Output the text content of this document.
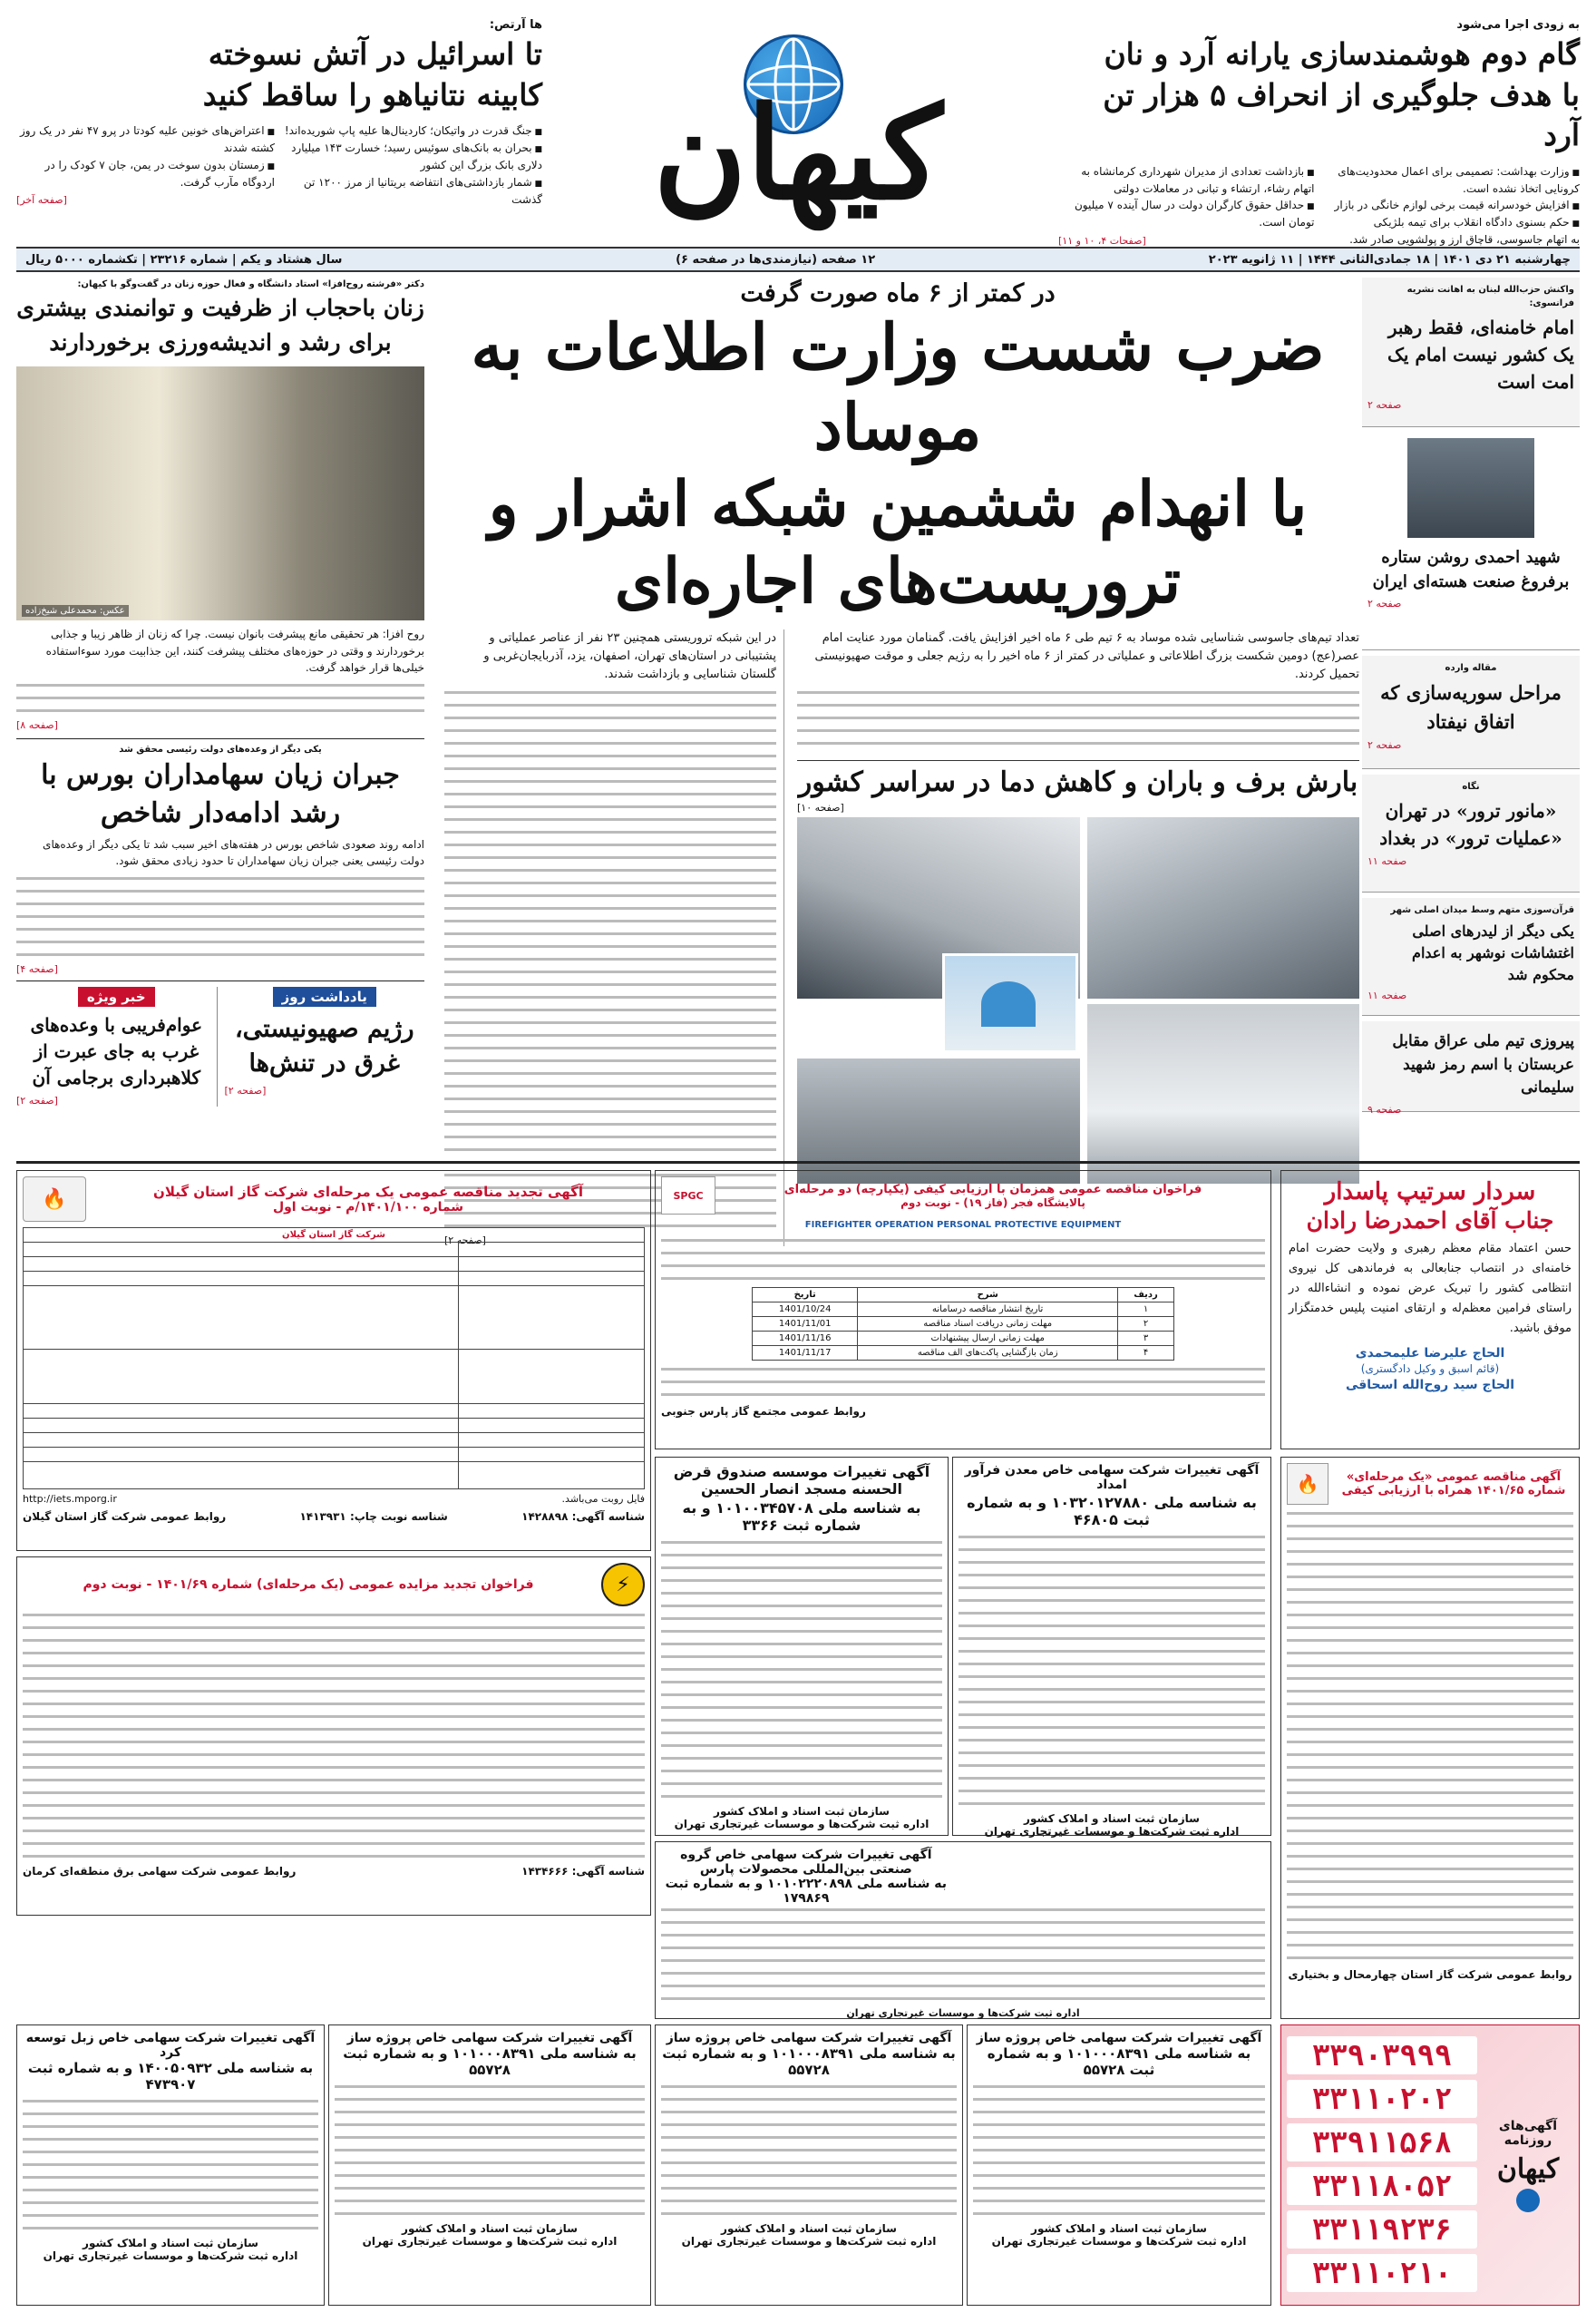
به زودی اجرا می‌شود
گام دوم هوشمندسازی یارانه آرد و نان
با هدف جلوگیری از انحراف ۵ هزار تن آرد
■ وزارت بهداشت: تصمیمی برای اعمال محدودیت‌های کرونایی اتخاذ نشده است.
■ افزایش خودسرانه قیمت برخی لوازم خانگی در بازار
■ حکم بسنوی دادگاه انقلاب برای تیمه بلژیکی
به اتهام جاسوسی، قاچاق ارز و پولشویی صادر شد.
■ بازداشت تعدادی از مدیران شهرداری کرمانشاه به اتهام رشاء، ارتشاء و تبانی در معاملات دولتی
■ حداقل حقوق کارگران دولت در سال آینده ۷ میلیون تومان است.
[صفحات ۴، ۱۰ و ۱۱]
کیهان
ها آرتص:
تا اسرائیل در آتش نسوخته
کابینه نتانیاهو را ساقط کنید
■ جنگ قدرت در واتیکان؛ کاردینال‌ها علیه پاپ شوریده‌اند!
■ بحران به بانک‌های سوئیس رسید؛ خسارت ۱۴۳ میلیارد دلاری بانک بزرگ این کشور
■ شمار بازداشتی‌های انتفاضه بریتانیا از مرز ۱۲۰۰ تن گذشت
■ اعتراض‌های خونین علیه کودتا در پرو ۴۷ نفر در یک روز کشته شدند
■ زمستان بدون سوخت در یمن، جان ۷ کودک را در اردوگاه مآرب گرفت.
[صفحه آخر]
چهارشنبه ۲۱ دی ۱۴۰۱ | ۱۸ جمادی‌الثانی ۱۴۴۴ | ۱۱ ژانویه ۲۰۲۳
۱۲ صفحه (نیازمندی‌ها در صفحه ۶)
سال هشتاد و یکم | شماره ۲۳۲۱۶ | تکشماره ۵۰۰۰ ریال
واکنش حزب‌الله لبنان به اهانت نشریه فرانسوی:
امام خامنه‌ای، فقط رهبر یک کشور نیست امام یک امت است
صفحه ۲
شهید احمدی روشن ستاره برفروغ صنعت هسته‌ای ایران
صفحه ۲
مقاله وارده
مراحل سوریه‌سازی که اتفاق نیفتاد
صفحه ۲
نگاه
«مانور ترور» در تهران «عملیات ترور» در بغداد
صفحه ۱۱
قرآن‌سوزی متهم وسط میدان اصلی شهر
یکی دیگر از لیدرهای اصلی اغتشاشات نوشهر به اعدام محکوم شد
صفحه ۱۱
پیروزی تیم ملی عراق مقابل عربستان با اسم رمز شهید سلیمانی
صفحه ۹
در کمتر از ۶ ماه صورت گرفت
ضرب شست وزارت اطلاعات به موساد
با انهدام ششمین شبکه اشرار و تروریست‌های اجاره‌ای
تعداد تیم‌های جاسوسی شناسایی شده موساد به ۶ تیم طی ۶ ماه اخیر افزایش یافت. گمنامان مورد عنایت امام عصر(عج) دومین شکست بزرگ اطلاعاتی و عملیاتی در کمتر از ۶ ماه اخیر را به رژیم جعلی و موقت صهیونیستی تحمیل کردند.
بارش برف و باران و کاهش دما در سراسر کشور
[صفحه ۱۰]
در این شبکه تروریستی همچنین ۲۳ نفر از عناصر عملیاتی و پشتیبانی در استان‌های تهران، اصفهان، یزد، آذربایجان‌غربی و گلستان شناسایی و بازداشت شدند.
[صفحه ۲]
دکتر «فرشته روح‌افزا» استاد دانشگاه و فعال حوزه زنان در گفت‌وگو با کیهان:
زنان باحجاب از ظرفیت و توانمندی بیشتری برای رشد و اندیشه‌ورزی برخوردارند
عکس: محمدعلی شیخ‌زاده
روح افزا: هر تحقیقی مانع پیشرفت بانوان نیست. چرا که زنان از ظاهر زیبا و جذابی برخوردارند و وقتی در حوزه‌های مختلف پیشرفت کنند، این جذابیت مورد سوءاستفاده خیلی‌ها قرار خواهد گرفت.
[صفحه ۸]
یکی دیگر از وعده‌های دولت رئیسی محقق شد
جبران زیان سهامداران بورس با رشد ادامه‌دار شاخص
ادامه روند صعودی شاخص بورس در هفته‌های اخیر سبب شد تا یکی دیگر از وعده‌های دولت رئیسی یعنی جبران زیان سهامداران تا حدود زیادی محقق شود.
[صفحه ۴]
یادداشت روز
رژیم صهیونیستی، غرق در تنش‌ها
[صفحه ۲]
خبر ویژه
عوام‌فریبی با وعده‌های غرب به جای عبرت از کلاهبرداری برجامی آن
[صفحه ۲]
آگهی تجدید مناقصه عمومی یک مرحله‌ای شرکت گاز استان گیلان
شماره ۱۴۰۱/۱۰۰/م - نوبت اول
🔥
شرکت گاز استان گیلان	

فایل روبت می‌باشد.
http://iets.mporg.ir
شناسه آگهی: ۱۴۲۸۸۹۸
شناسه نوبت چاپ: ۱۴۱۳۹۳۱
روابط عمومی شرکت گاز استان گیلان
فراخوان مناقصه عمومی همزمان با ارزیابی کیفی (یکپارچه) دو مرحله‌ای
پالایشگاه فجر (فاز ۱۹) - نوبت دوم
SPGC
FIREFIGHTER OPERATION PERSONAL PROTECTIVE EQUIPMENT
ردیف	شرح	تاریخ
۱	تاریخ انتشار مناقصه درسامانه	1401/10/24
۲	مهلت زمانی دریافت اسناد مناقصه	1401/11/01
۳	مهلت زمانی ارسال پیشنهادات	1401/11/16
۴	زمان بازگشایی پاکت‌های الف مناقصه	1401/11/17
روابط عمومی مجتمع گاز پارس جنوبی
سردار سرتیپ پاسدار
جناب آقای احمدرضا رادان
حسن اعتماد مقام معظم رهبری و ولایت حضرت امام خامنه‌ای در انتصاب جنابعالی به فرماندهی کل نیروی انتظامی کشور را تبریک عرض نموده و انشاءالله در راستای فرامین معظم‌له و ارتقای امنیت پلیس خدمتگزار موفق باشید.
الحاج علیرضا علیمحمدی
(قائم اسبق و وکیل دادگستری)
الحاج سید روح‌الله اسحاقی
آگهی تغییرات شرکت سهامی خاص معدن فرآور امداد
به شناسه ملی ۱۰۳۲۰۱۲۷۸۸۰ و به شماره ثبت ۴۶۸۰۵
سازمان ثبت اسناد و املاک کشور
اداره ثبت شرکت‌ها و موسسات غیرتجاری تهران
آگهی تغییرات موسسه صندوق قرض الحسنه مسجد انصار الحسین
به شناسه ملی ۱۰۱۰۰۳۴۵۷۰۸ و به شماره ثبت ۳۳۶۶
سازمان ثبت اسناد و املاک کشور
اداره ثبت شرکت‌ها و موسسات غیرتجاری تهران
⚡
فراخوان تجدید مزایده عمومی (یک مرحله‌ای) شماره ۱۴۰۱/۶۹ - نوبت دوم
شناسه آگهی: ۱۴۳۴۶۶۶
روابط عمومی شرکت سهامی برق منطقه‌ای کرمان
آگهی مناقصه عمومی «یک مرحله‌ای» شماره ۱۴۰۱/۶۵ همراه با ارزیابی کیفی
🔥
روابط عمومی شرکت گاز استان چهارمحال و بختیاری
آگهی تغییرات شرکت سهامی خاص گروه صنعتی بین‌المللی محصولات پارس
به شناسه ملی ۱۰۱۰۲۲۲۰۸۹۸ و به شماره ثبت ۱۷۹۸۶۹
اداره ثبت شرکت‌ها و موسسات غیرتجاری تهران
آگهی تغییرات شرکت سهامی خاص زبل توسعه کرد
به شناسه ملی ۱۴۰۰۵۰۹۳۲ و به شماره ثبت ۴۷۳۹۰۷
سازمان ثبت اسناد و املاک کشور
اداره ثبت شرکت‌ها و موسسات غیرتجاری تهران
آگهی تغییرات شرکت سهامی خاص پروژه ساز
به شناسه ملی ۱۰۱۰۰۰۸۳۹۱ و به شماره ثبت ۵۵۷۲۸
سازمان ثبت اسناد و املاک کشور
اداره ثبت شرکت‌ها و موسسات غیرتجاری تهران
آگهی تغییرات شرکت سهامی خاص پروژه ساز
به شناسه ملی ۱۰۱۰۰۰۸۳۹۱ و به شماره ثبت ۵۵۷۲۸
سازمان ثبت اسناد و املاک کشور
اداره ثبت شرکت‌ها و موسسات غیرتجاری تهران
آگهی تغییرات شرکت سهامی خاص پروژه ساز
به شناسه ملی ۱۰۱۰۰۰۸۳۹۱ و به شماره ثبت ۵۵۷۲۸
سازمان ثبت اسناد و املاک کشور
اداره ثبت شرکت‌ها و موسسات غیرتجاری تهران
آگهی‌های روزنامه
کیهان
۳۳۹۰۳۹۹۹
۳۳۱۱۰۲۰۲
۳۳۹۱۱۵۶۸
۳۳۱۱۸۰۵۲
۳۳۱۱۹۲۳۶
۳۳۱۱۰۲۱۰
